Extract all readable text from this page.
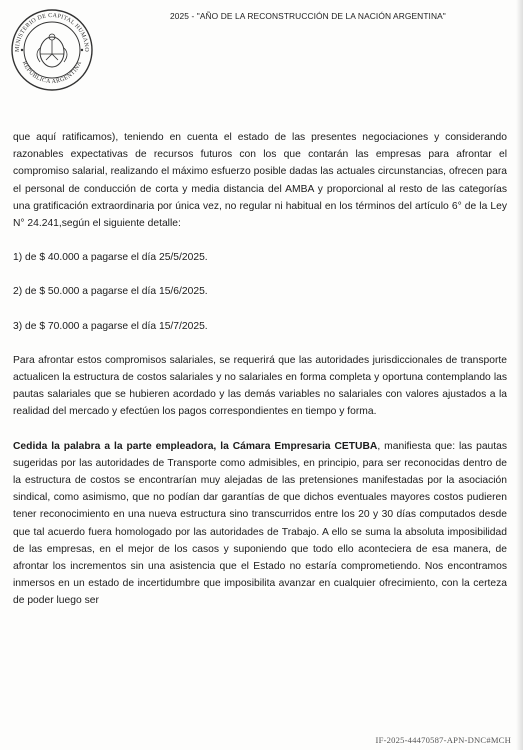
MINISTERIO DE CAPITAL HUMANO
REPÚBLICA ARGENTINA
2025 - "AÑO DE LA RECONSTRUCCIÓN DE LA NACIÓN ARGENTINA"

que aquí ratificamos), teniendo en cuenta el estado de las presentes negociaciones y considerando razonables expectativas de recursos futuros con los que contarán las empresas para afrontar el compromiso salarial, realizando el máximo esfuerzo posible dadas las actuales circunstancias, ofrecen para el personal de conducción de corta y media distancia del AMBA y proporcional al resto de las categorías una gratificación extraordinaria por única vez, no regular ni habitual en los términos del artículo 6° de la Ley N° 24.241,según el siguiente detalle:

1) de $ 40.000 a pagarse el día 25/5/2025.

2) de $ 50.000 a pagarse el día 15/6/2025.

3) de $ 70.000 a pagarse el día 15/7/2025.

Para afrontar estos compromisos salariales, se requerirá que las autoridades jurisdiccionales de transporte actualicen la estructura de costos salariales y no salariales en forma completa y oportuna contemplando las pautas salariales que se hubieren acordado y las demás variables no salariales con valores ajustados a la realidad del mercado y efectúen los pagos correspondientes en tiempo y forma.

Cedida la palabra a la parte empleadora, la Cámara Empresaria CETUBA, manifiesta que: las pautas sugeridas por las autoridades de Transporte como admisibles, en principio, para ser reconocidas dentro de la estructura de costos se encontrarían muy alejadas de las pretensiones manifestadas por la asociación sindical, como asimismo, que no podían dar garantías de que dichos eventuales mayores costos pudieren tener reconocimiento en una nueva estructura sino transcurridos entre los 20 y 30 días computados desde que tal acuerdo fuera homologado por las autoridades de Trabajo. A ello se suma la absoluta imposibilidad de las empresas, en el mejor de los casos y suponiendo que todo ello aconteciera de esa manera, de afrontar los incrementos sin una asistencia que el Estado no estaría comprometiendo. Nos encontramos inmersos en un estado de incertidumbre que imposibilita avanzar en cualquier ofrecimiento, con la certeza de poder luego ser

IF-2025-44470587-APN-DNC#MCH
